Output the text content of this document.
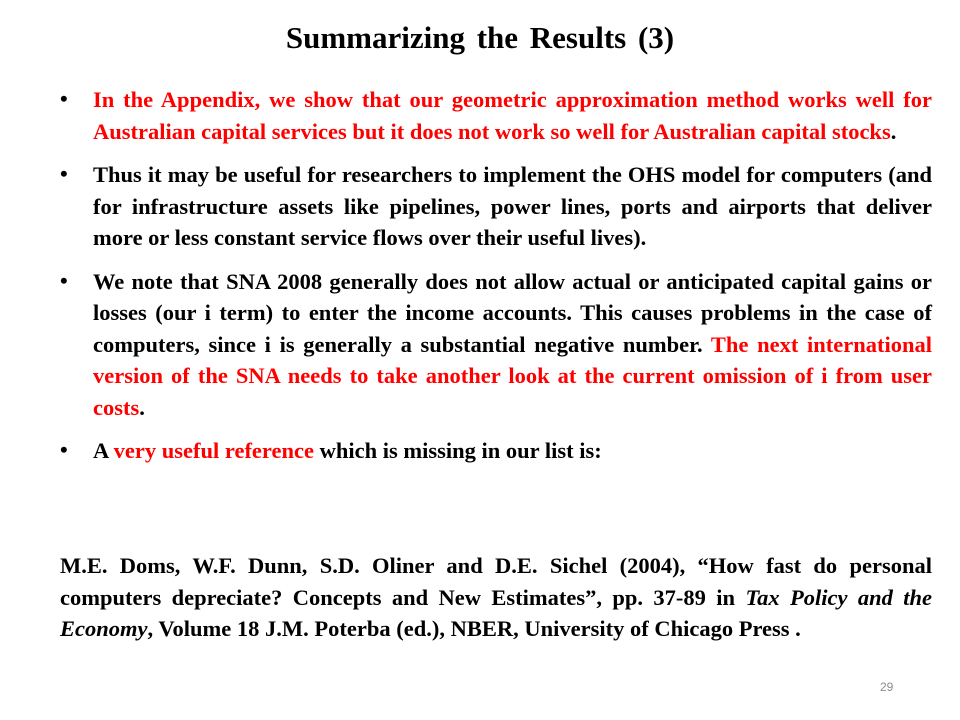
Summarizing the Results (3)
• In the Appendix, we show that our geometric approximation method works well for Australian capital services but it does not work so well for Australian capital stocks.
• Thus it may be useful for researchers to implement the OHS model for computers (and for infrastructure assets like pipelines, power lines, ports and airports that deliver more or less constant service flows over their useful lives).
• We note that SNA 2008 generally does not allow actual or anticipated capital gains or losses (our i term) to enter the income accounts. This causes problems in the case of computers, since i is generally a substantial negative number. The next international version of the SNA needs to take another look at the current omission of i from user costs.
• A very useful reference which is missing in our list is:

M.E. Doms, W.F. Dunn, S.D. Oliner and D.E. Sichel (2004), “How fast do personal computers depreciate? Concepts and New Estimates”, pp. 37-89 in Tax Policy and the Economy, Volume 18 J.M. Poterba (ed.), NBER, University of Chicago Press .

29
